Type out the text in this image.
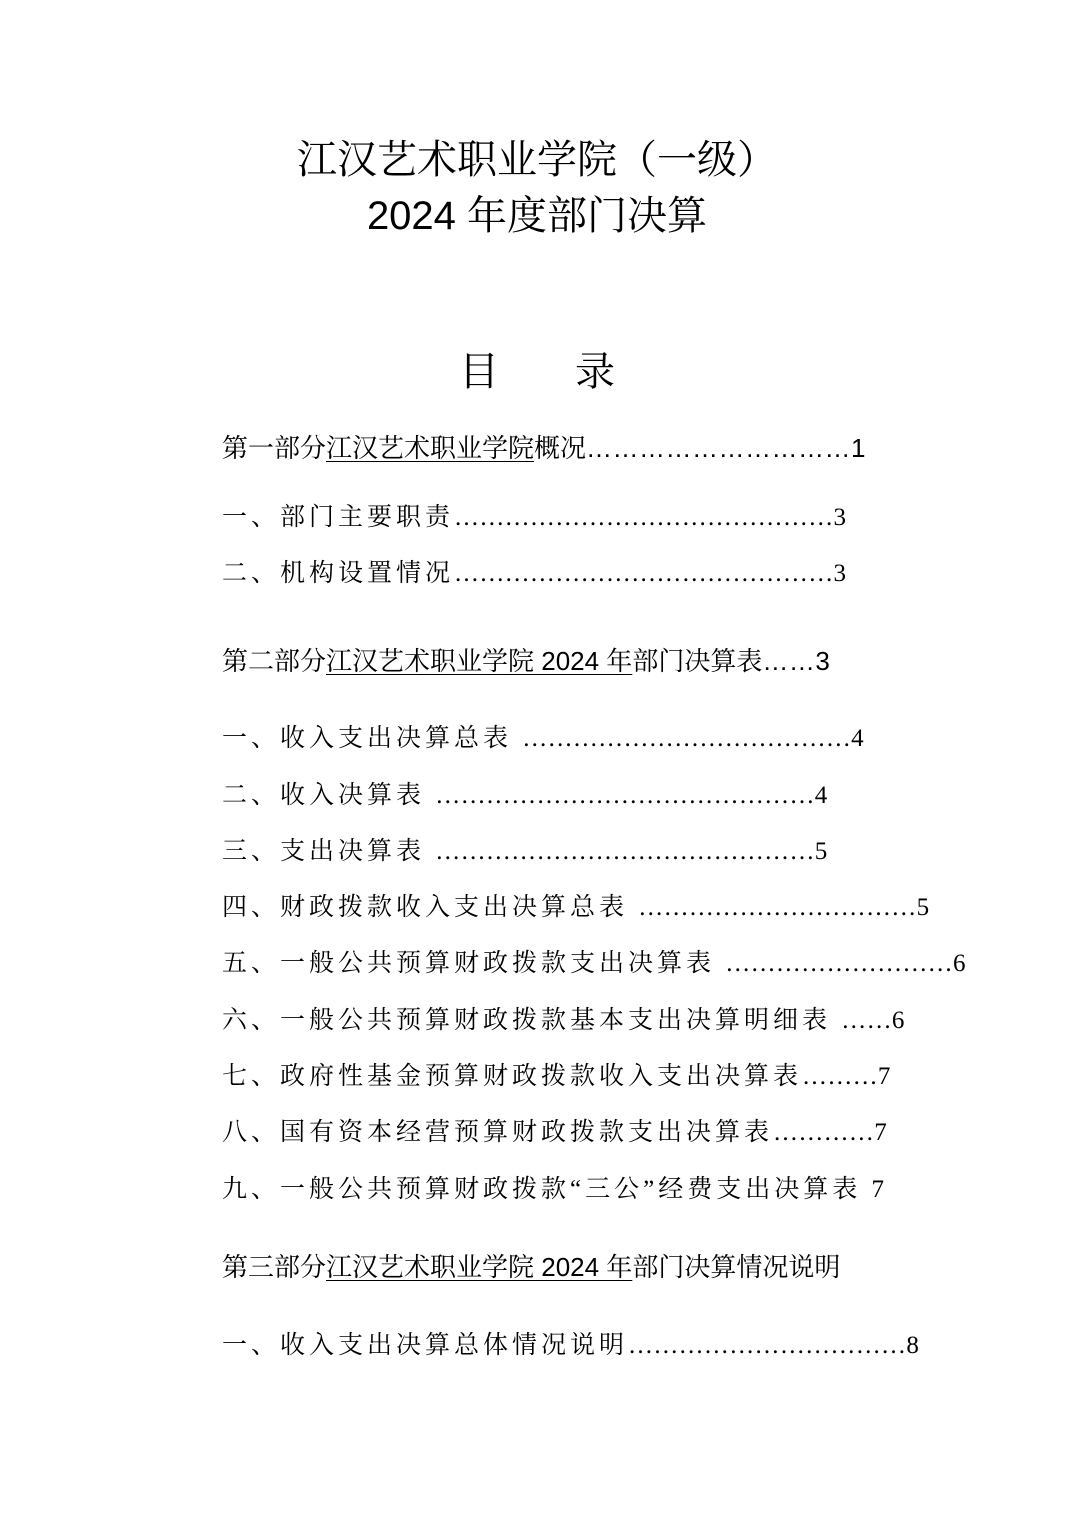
江汉艺术职业学院（一级）
2024 年度部门决算
目录
第一部分江汉艺术职业学院概况…………………………1
一、部门主要职责………………………………………3
二、机构设置情况………………………………………3
第二部分江汉艺术职业学院 2024 年部门决算表……3
一、收入支出决算总表 …………………………………4
二、收入决算表 ………………………………………4
三、支出决算表 ………………………………………5
四、财政拨款收入支出决算总表 ……………………………5
五、一般公共预算财政拨款支出决算表 ………………………6
六、一般公共预算财政拨款基本支出决算明细表 ……6
七、政府性基金预算财政拨款收入支出决算表………7
八、国有资本经营预算财政拨款支出决算表…………7
九、一般公共预算财政拨款“三公”经费支出决算表 7
第三部分江汉艺术职业学院 2024 年部门决算情况说明
一、收入支出决算总体情况说明……………………………8
